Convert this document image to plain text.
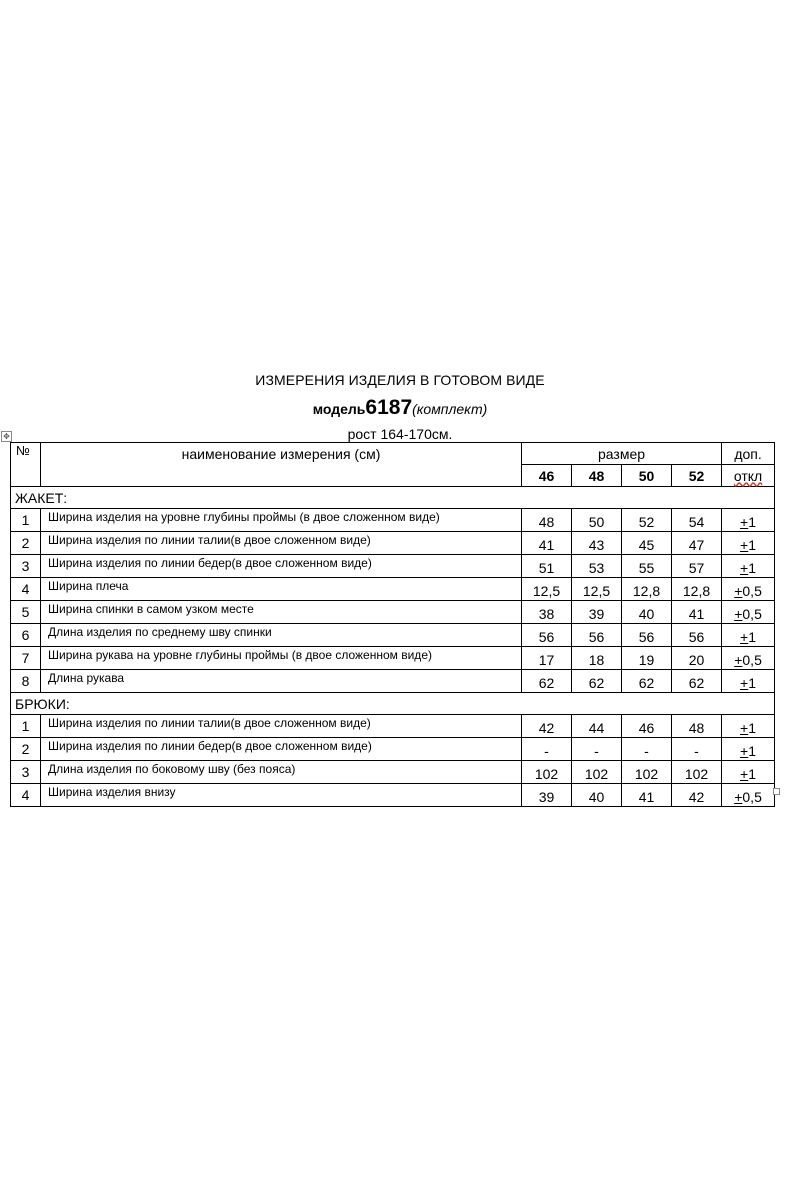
ИЗМЕРЕНИЯ ИЗДЕЛИЯ В ГОТОВОМ ВИДЕ
модель6187(комплект)
рост 164-170см.
✥
№	наименование измерения (см)	размер				доп.
		46	48	50	52	откл
ЖАКЕТ:						
1	Ширина изделия на уровне глубины проймы (в двое сложенном виде)	48	50	52	54	+1
2	Ширина изделия по линии талии(в двое сложенном виде)	41	43	45	47	+1
3	Ширина изделия по линии бедер(в двое сложенном виде)	51	53	55	57	+1
4	Ширина плеча	12,5	12,5	12,8	12,8	+0,5
5	Ширина спинки в самом узком месте	38	39	40	41	+0,5
6	Длина изделия по среднему шву спинки	56	56	56	56	+1
7	Ширина рукава на уровне глубины проймы (в двое сложенном виде)	17	18	19	20	+0,5
8	Длина рукава	62	62	62	62	+1
БРЮКИ:						
1	Ширина изделия по линии талии(в двое сложенном виде)	42	44	46	48	+1
2	Ширина изделия по линии бедер(в двое сложенном виде)	-	-	-	-	+1
3	Длина изделия по боковому шву (без пояса)	102	102	102	102	+1
4	Ширина изделия внизу	39	40	41	42	+0,5
